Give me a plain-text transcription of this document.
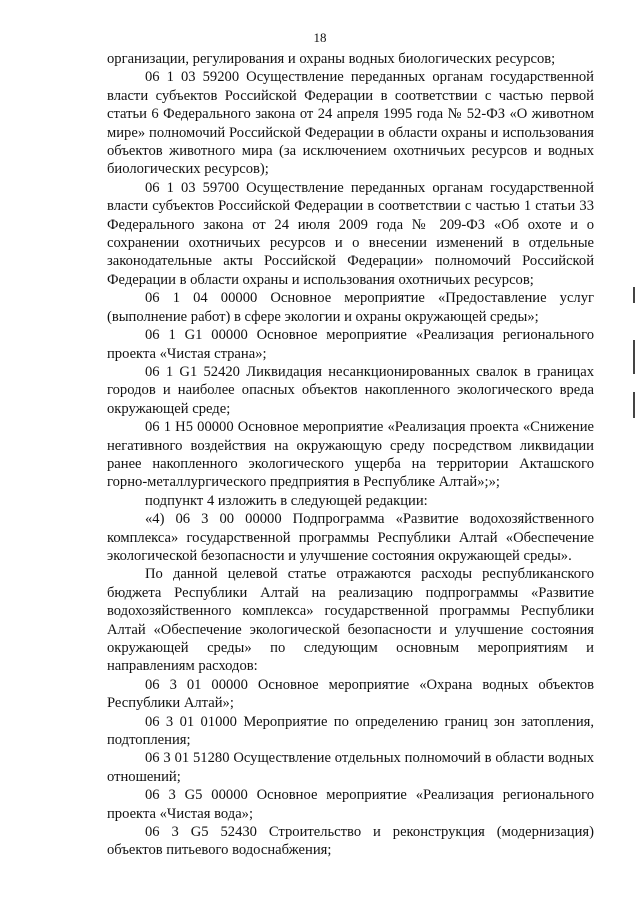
18

организации, регулирования и охраны водных биологических ресурсов;

06 1 03 59200 Осуществление переданных органам государственной власти субъектов Российской Федерации в соответствии с частью первой статьи 6 Федерального закона от 24 апреля 1995 года № 52-ФЗ «О животном мире» полномочий Российской Федерации в области охраны и использования объектов животного мира (за исключением охотничьих ресурсов и водных биологических ресурсов);

06 1 03 59700 Осуществление переданных органам государственной власти субъектов Российской Федерации в соответствии с частью 1 статьи 33 Федерального закона от 24 июля 2009 года № 209-ФЗ «Об охоте и о сохранении охотничьих ресурсов и о внесении изменений в отдельные законодательные акты Российской Федерации» полномочий Российской Федерации в области охраны и использования охотничьих ресурсов;

06 1 04 00000 Основное мероприятие «Предоставление услуг (выполнение работ) в сфере экологии и охраны окружающей среды»;

06 1 G1 00000 Основное мероприятие «Реализация регионального проекта «Чистая страна»;

06 1 G1 52420 Ликвидация несанкционированных свалок в границах городов и наиболее опасных объектов накопленного экологического вреда окружающей среде;

06 1 H5 00000 Основное мероприятие «Реализация проекта «Снижение негативного воздействия на окружающую среду посредством ликвидации ранее накопленного экологического ущерба на территории Акташского горно-металлургического предприятия в Республике Алтай»;»;

подпункт 4 изложить в следующей редакции:

«4) 06 3 00 00000 Подпрограмма «Развитие водохозяйственного комплекса» государственной программы Республики Алтай «Обеспечение экологической безопасности и улучшение состояния окружающей среды».

По данной целевой статье отражаются расходы республиканского бюджета Республики Алтай на реализацию подпрограммы «Развитие водохозяйственного комплекса» государственной программы Республики Алтай «Обеспечение экологической безопасности и улучшение состояния окружающей среды» по следующим основным мероприятиям и направлениям расходов:

06 3 01 00000 Основное мероприятие «Охрана водных объектов Республики Алтай»;

06 3 01 01000 Мероприятие по определению границ зон затопления, подтопления;

06 3 01 51280 Осуществление отдельных полномочий в области водных отношений;

06 3 G5 00000 Основное мероприятие «Реализация регионального проекта «Чистая вода»;

06 3 G5 52430 Строительство и реконструкция (модернизация) объектов питьевого водоснабжения;
